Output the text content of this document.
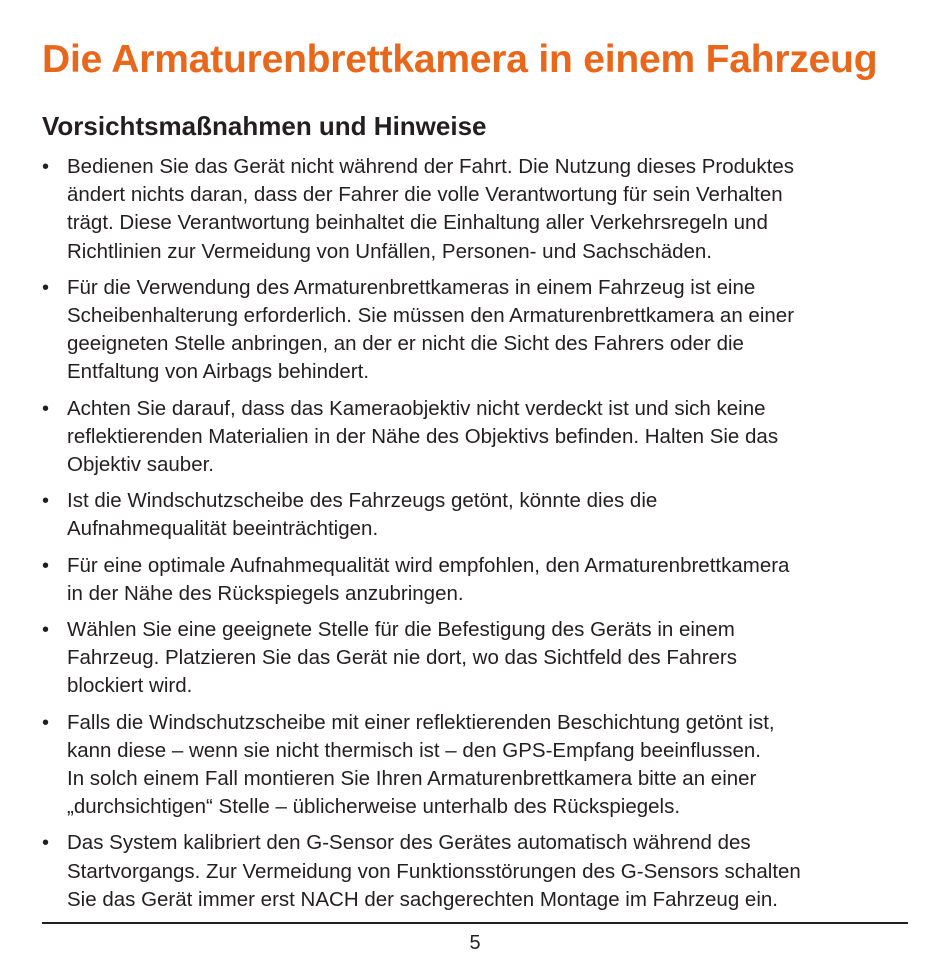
Die Armaturenbrettkamera in einem Fahrzeug
Vorsichtsmaßnahmen und Hinweise
• Bedienen Sie das Gerät nicht während der Fahrt. Die Nutzung dieses Produktes
ändert nichts daran, dass der Fahrer die volle Verantwortung für sein Verhalten
trägt. Diese Verantwortung beinhaltet die Einhaltung aller Verkehrsregeln und
Richtlinien zur Vermeidung von Unfällen, Personen- und Sachschäden.
• Für die Verwendung des Armaturenbrettkameras in einem Fahrzeug ist eine
Scheibenhalterung erforderlich. Sie müssen den Armaturenbrettkamera an einer
geeigneten Stelle anbringen, an der er nicht die Sicht des Fahrers oder die
Entfaltung von Airbags behindert.
• Achten Sie darauf, dass das Kameraobjektiv nicht verdeckt ist und sich keine
reflektierenden Materialien in der Nähe des Objektivs befinden. Halten Sie das
Objektiv sauber.
• Ist die Windschutzscheibe des Fahrzeugs getönt, könnte dies die
Aufnahmequalität beeinträchtigen.
• Für eine optimale Aufnahmequalität wird empfohlen, den Armaturenbrettkamera
in der Nähe des Rückspiegels anzubringen.
• Wählen Sie eine geeignete Stelle für die Befestigung des Geräts in einem
Fahrzeug. Platzieren Sie das Gerät nie dort, wo das Sichtfeld des Fahrers
blockiert wird.
• Falls die Windschutzscheibe mit einer reflektierenden Beschichtung getönt ist,
kann diese – wenn sie nicht thermisch ist – den GPS-Empfang beeinflussen.
In solch einem Fall montieren Sie Ihren Armaturenbrettkamera bitte an einer
„durchsichtigen“ Stelle – üblicherweise unterhalb des Rückspiegels.
• Das System kalibriert den G-Sensor des Gerätes automatisch während des
Startvorgangs. Zur Vermeidung von Funktionsstörungen des G-Sensors schalten
Sie das Gerät immer erst NACH der sachgerechten Montage im Fahrzeug ein.
5
